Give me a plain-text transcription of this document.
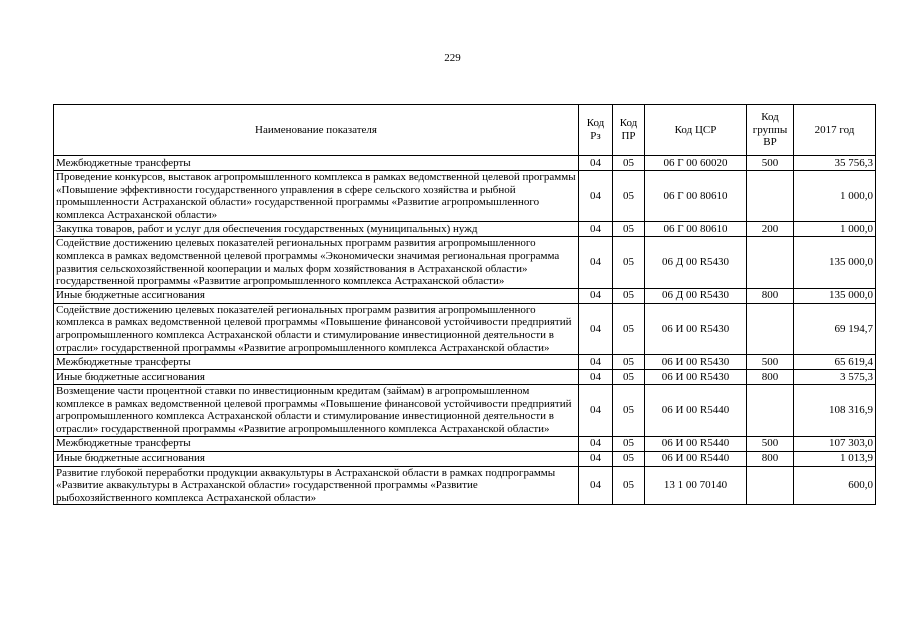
229
Наименование показателя	Код Рз	Код ПР	Код ЦСР	Код группы ВР	2017 год
Межбюджетные трансферты	04	05	06 Г 00 60020	500	35 756,3
Проведение конкурсов, выставок агропромышленного комплекса в рамках ведомственной целевой программы «Повышение эффективности государственного управления в сфере сельского хозяйства и рыбной промышленности Астраханской области» государственной программы «Развитие агропромышленного комплекса Астраханской области»	04	05	06 Г 00 80610		1 000,0
Закупка товаров, работ и услуг для обеспечения государственных (муниципальных) нужд	04	05	06 Г 00 80610	200	1 000,0
Содействие достижению целевых показателей региональных программ развития агропромышленного комплекса в рамках ведомственной целевой программы «Экономически значимая региональная программа развития сельскохозяйственной кооперации и малых форм хозяйствования в Астраханской области» государственной программы «Развитие агропромышленного комплекса Астраханской области»	04	05	06 Д 00 R5430		135 000,0
Иные бюджетные ассигнования	04	05	06 Д 00 R5430	800	135 000,0
Содействие достижению целевых показателей региональных программ развития агропромышленного комплекса в рамках ведомственной целевой программы «Повышение финансовой устойчивости предприятий агропромышленного комплекса Астраханской области и стимулирование инвестиционной деятельности в отрасли» государственной программы «Развитие агропромышленного комплекса Астраханской области»	04	05	06 И 00 R5430		69 194,7
Межбюджетные трансферты	04	05	06 И 00 R5430	500	65 619,4
Иные бюджетные ассигнования	04	05	06 И 00 R5430	800	3 575,3
Возмещение части процентной ставки по инвестиционным кредитам (займам) в агропромышленном комплексе в рамках ведомственной целевой программы «Повышение финансовой устойчивости предприятий агропромышленного комплекса Астраханской области и стимулирование инвестиционной деятельности в отрасли» государственной программы «Развитие агропромышленного комплекса Астраханской области»	04	05	06 И 00 R5440		108 316,9
Межбюджетные трансферты	04	05	06 И 00 R5440	500	107 303,0
Иные бюджетные ассигнования	04	05	06 И 00 R5440	800	1 013,9
Развитие глубокой переработки продукции аквакультуры в Астраханской области в рамках подпрограммы «Развитие аквакультуры в Астраханской области» государственной программы «Развитие рыбохозяйственного комплекса Астраханской области»	04	05	13 1 00 70140		600,0
